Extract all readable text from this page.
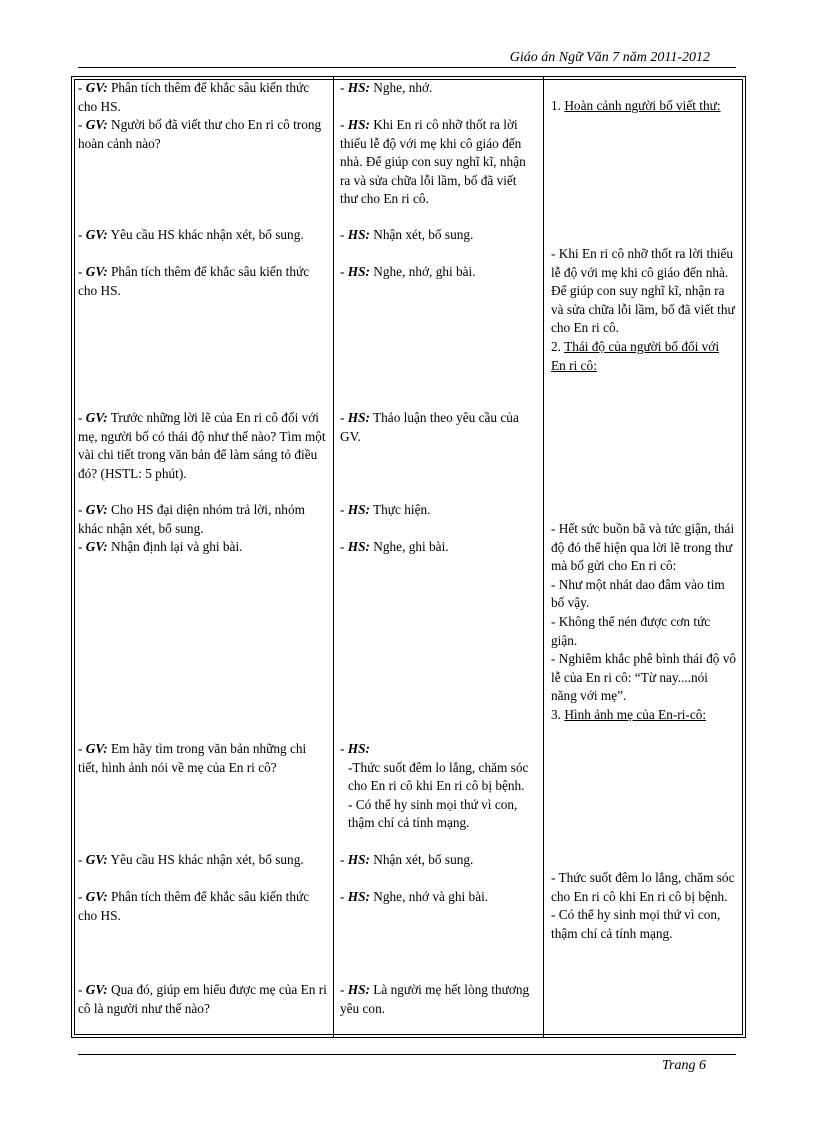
Giáo án Ngữ Văn 7 năm 2011-2012
- GV: Phân tích thêm để khắc sâu kiến thức cho HS.
- GV: Người bố đã viết thư cho En ri cô trong hoàn cảnh nào?
- GV: Yêu cầu HS khác nhận xét, bổ sung.
- GV: Phân tích thêm để khắc sâu kiến thức cho HS.
- GV: Trước những lời lẽ của En ri cô đối với mẹ, người bố có thái độ như thế nào? Tìm một vài chi tiết trong văn bản để làm sáng tỏ điều đó? (HSTL: 5 phút).
- GV: Cho HS đại diện nhóm trả lời, nhóm khác nhận xét, bổ sung.
- GV: Nhận định lại và ghi bài.
- GV: Em hãy tìm trong văn bản những chi tiết, hình ảnh nói về mẹ của En ri cô?
- GV: Yêu cầu HS khác nhận xét, bổ sung.
- GV: Phân tích thêm để khắc sâu kiến thức cho HS.
- GV: Qua đó, giúp em hiểu được mẹ của En ri cô là người như thế nào?
- HS: Nghe, nhớ.
- HS: Khi En ri cô nhỡ thốt ra lời thiếu lễ độ với mẹ khi cô giáo đến nhà. Để giúp con suy nghĩ kĩ, nhận ra và sửa chữa lỗi lầm, bố đã viết thư cho En ri cô.
- HS: Nhận xét, bổ sung.
- HS: Nghe, nhớ, ghi bài.
- HS: Thảo luận theo yêu cầu của GV.
- HS: Thực hiện.
- HS: Nghe, ghi bài.
- HS:
-Thức suốt đêm lo lắng, chăm sóc cho En ri cô khi En ri cô bị bệnh.
- Có thể hy sinh mọi thứ vì con, thậm chí cả tính mạng.
- HS: Nhận xét, bổ sung.
- HS: Nghe, nhớ và ghi bài.
- HS: Là người mẹ hết lòng thương yêu con.
1. Hoàn cảnh người bố viết thư:
- Khi En ri cô nhỡ thốt ra lời thiếu lễ độ với mẹ khi cô giáo đến nhà. Để giúp con suy nghĩ kĩ, nhận ra và sửa chữa lỗi lầm, bố đã viết thư cho En ri cô.
2. Thái độ của người bố đối với En ri cô:
- Hết sức buồn bã và tức giận, thái độ đó thể hiện qua lời lẽ trong thư mà bố gửi cho En ri cô:
- Như một nhát dao đâm vào tim bố vậy.
- Không thể nén được cơn tức giận.
- Nghiêm khắc phê bình thái độ vô lễ của En ri cô: “Từ nay....nói năng với mẹ”.
3. Hình ảnh mẹ của En-ri-cô:
- Thức suốt đêm lo lắng, chăm sóc cho En ri cô khi En ri cô bị bệnh.
- Có thể hy sinh mọi thứ vì con, thậm chí cả tính mạng.
Trang 6
